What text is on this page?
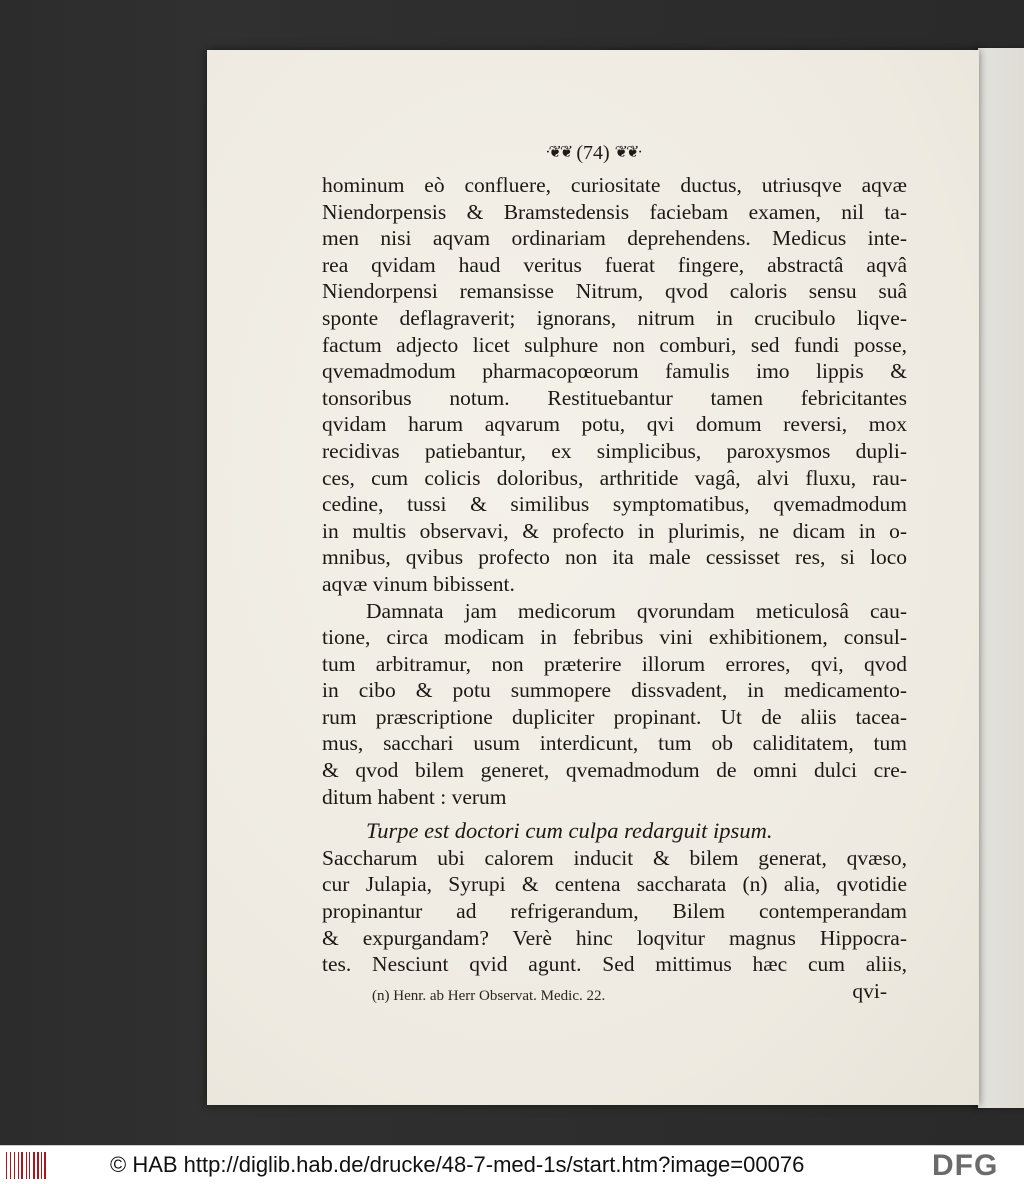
·❦❦ (74) ❦❦·
hominum eò confluere, curiositate ductus, utriusqve aqvæ
Niendorpensis & Bramstedensis faciebam examen, nil ta-
men nisi aqvam ordinariam deprehendens. Medicus inte-
rea qvidam haud veritus fuerat fingere, abstractâ aqvâ
Niendorpensi remansisse Nitrum, qvod caloris sensu suâ
sponte deflagraverit; ignorans, nitrum in crucibulo liqve-
factum adjecto licet sulphure non comburi, sed fundi posse,
qvemadmodum pharmacopœorum famulis imo lippis &
tonsoribus notum. Restituebantur tamen febricitantes
qvidam harum aqvarum potu, qvi domum reversi, mox
recidivas patiebantur, ex simplicibus, paroxysmos dupli-
ces, cum colicis doloribus, arthritide vagâ, alvi fluxu, rau-
cedine, tussi & similibus symptomatibus, qvemadmodum
in multis observavi, & profecto in plurimis, ne dicam in o-
mnibus, qvibus profecto non ita male cessisset res, si loco
aqvæ vinum bibissent.
Damnata jam medicorum qvorundam meticulosâ cau-
tione, circa modicam in febribus vini exhibitionem, consul-
tum arbitramur, non præterire illorum errores, qvi, qvod
in cibo & potu summopere dissvadent, in medicamento-
rum præscriptione dupliciter propinant. Ut de aliis tacea-
mus, sacchari usum interdicunt, tum ob caliditatem, tum
& qvod bilem generet, qvemadmodum de omni dulci cre-
ditum habent : verum
Turpe est doctori cum culpa redarguit ipsum.
Saccharum ubi calorem inducit & bilem generat, qvæso,
cur Julapia, Syrupi & centena saccharata (n) alia, qvotidie
propinantur ad refrigerandum, Bilem contemperandam
& expurgandam? Verè hinc loqvitur magnus Hippocra-
tes. Nesciunt qvid agunt. Sed mittimus hæc cum aliis,
qvi-
(n) Henr. ab Herr Observat. Medic. 22.
© HAB http://diglib.hab.de/drucke/48-7-med-1s/start.htm?image=00076	DFG
